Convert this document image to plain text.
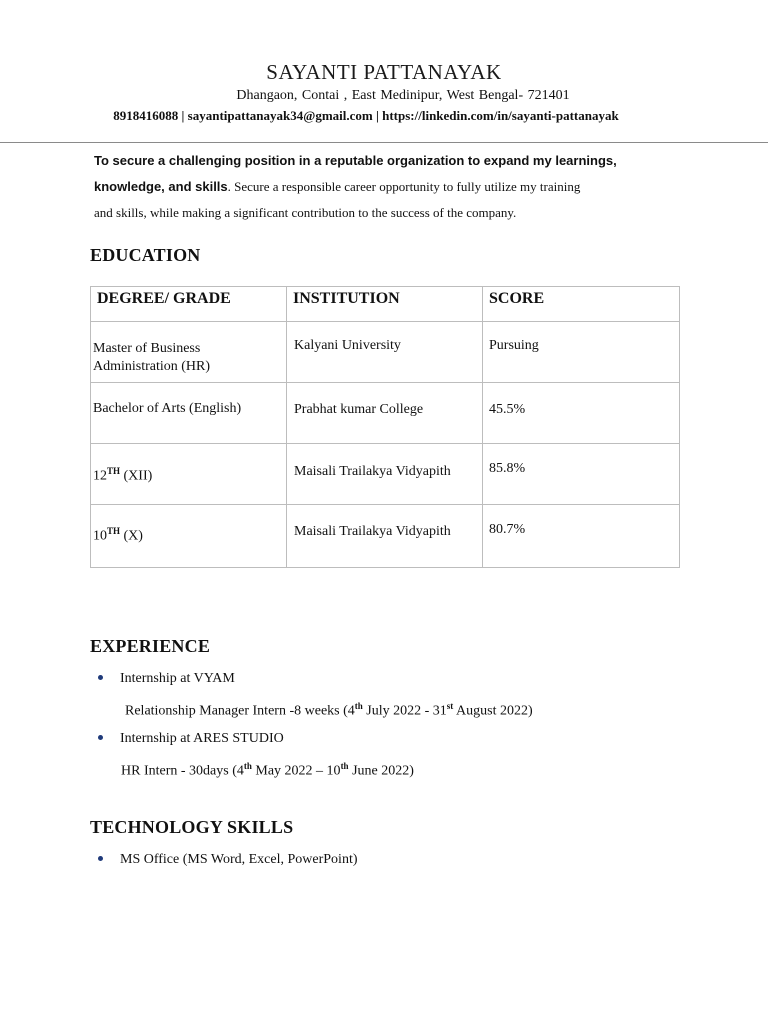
SAYANTI PATTANAYAK
Dhangaon, Contai , East Medinipur, West Bengal- 721401
8918416088 | sayantipattanayak34@gmail.com | https://linkedin.com/in/sayanti-pattanayak
To secure a challenging position in a reputable organization to expand my learnings,
knowledge, and skills. Secure a responsible career opportunity to fully utilize my training
and skills, while making a significant contribution to the success of the company.
EDUCATION
DEGREE/ GRADE	INSTITUTION	SCORE

Master of Business Administration (HR)	Kalyani University	Pursuing

Bachelor of Arts (English)	Prabhat kumar College	45.5%

12TH (XII)	Maisali Trailakya Vidyapith	85.8%

10TH (X)	Maisali Trailakya Vidyapith	80.7%
EXPERIENCE
Internship at VYAM
Relationship Manager Intern -8 weeks (4th July 2022 - 31st August 2022)
Internship at ARES STUDIO
HR Intern - 30days (4th May 2022 – 10th June 2022)
TECHNOLOGY SKILLS
MS Office (MS Word, Excel, PowerPoint)
